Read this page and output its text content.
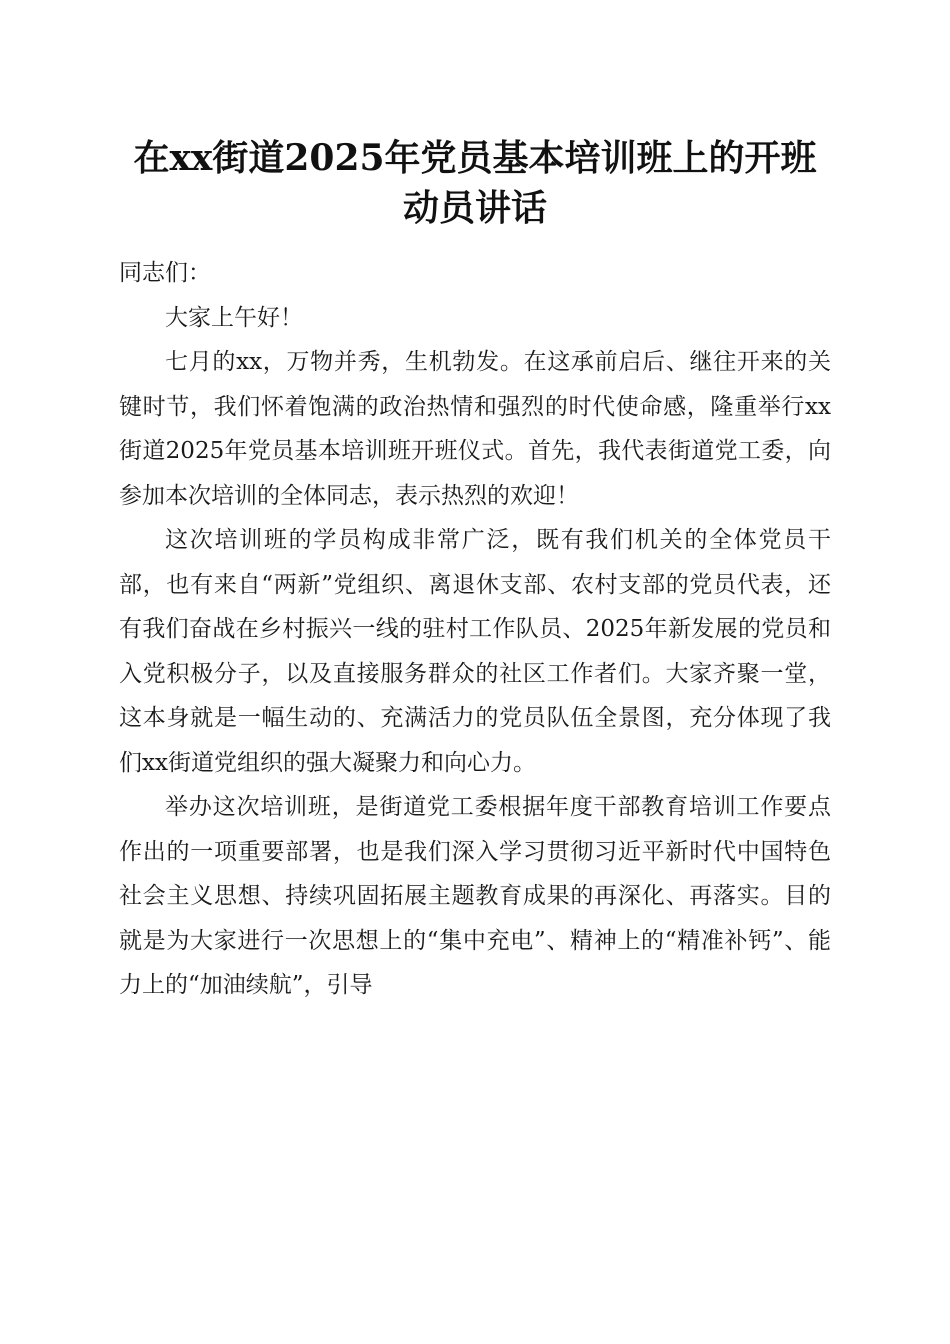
在xx街道2025年党员基本培训班上的开班动员讲话

同志们：

大家上午好！

七月的xx，万物并秀，生机勃发。在这承前启后、继往开来的关键时节，我们怀着饱满的政治热情和强烈的时代使命感，隆重举行xx街道2025年党员基本培训班开班仪式。首先，我代表街道党工委，向参加本次培训的全体同志，表示热烈的欢迎！

这次培训班的学员构成非常广泛，既有我们机关的全体党员干部，也有来自“两新”党组织、离退休支部、农村支部的党员代表，还有我们奋战在乡村振兴一线的驻村工作队员、2025年新发展的党员和入党积极分子，以及直接服务群众的社区工作者们。大家齐聚一堂，这本身就是一幅生动的、充满活力的党员队伍全景图，充分体现了我们xx街道党组织的强大凝聚力和向心力。

举办这次培训班，是街道党工委根据年度干部教育培训工作要点作出的一项重要部署，也是我们深入学习贯彻习近平新时代中国特色社会主义思想、持续巩固拓展主题教育成果的再深化、再落实。目的就是为大家进行一次思想上的“集中充电”、精神上的“精准补钙”、能力上的“加油续航”，引导
